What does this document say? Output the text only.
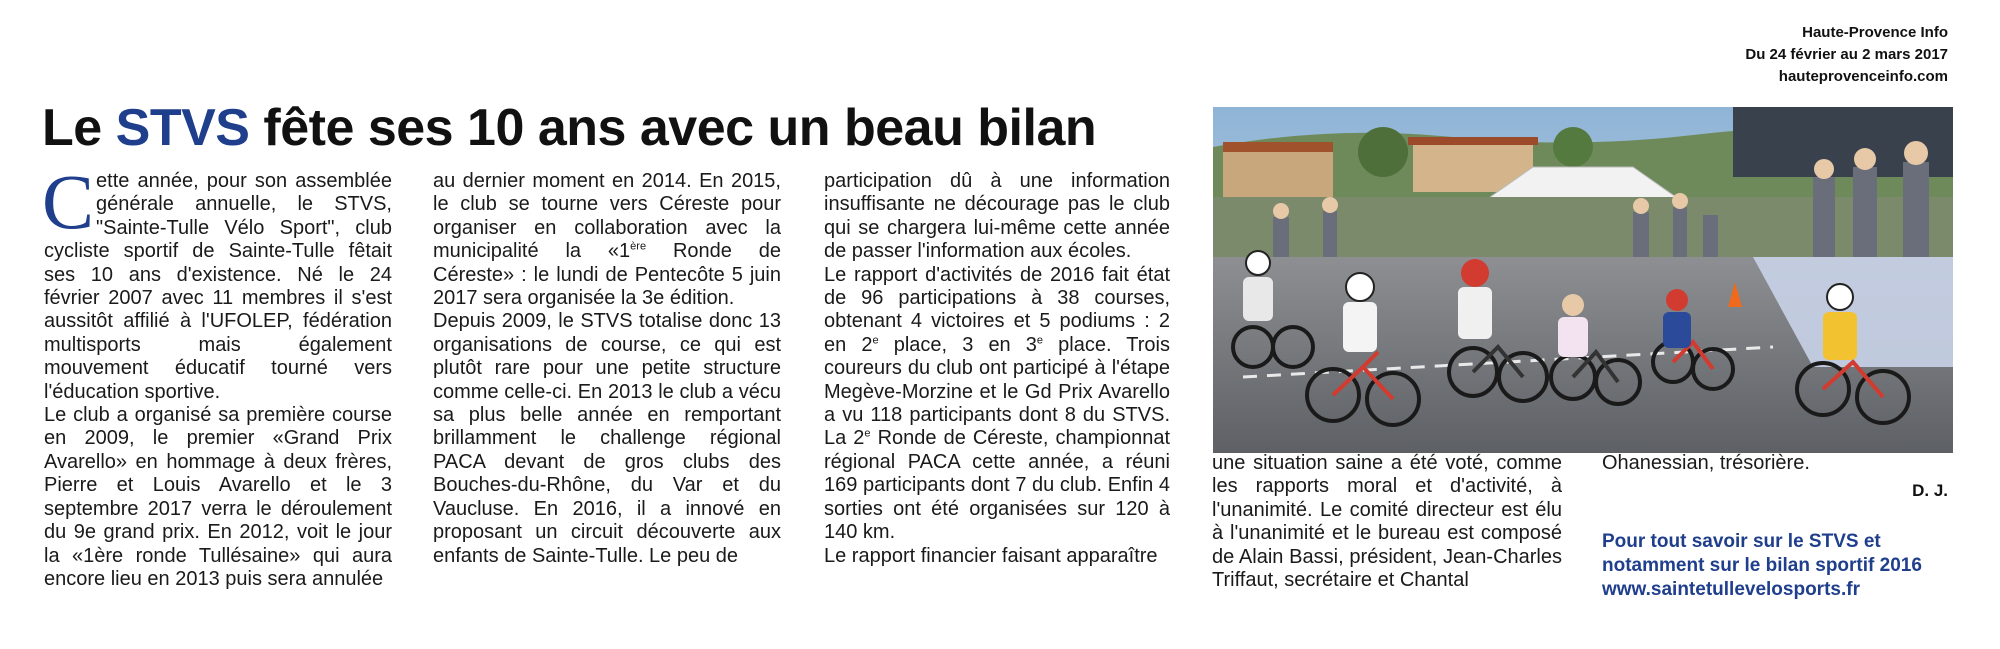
Haute-Provence Info
Du 24 février au 2 mars 2017
hauteprovenceinfo.com
Le STVS fête ses 10 ans avec un beau bilan

Cette année, pour son assemblée générale annuelle, le STVS, "Sainte-Tulle Vélo Sport", club cycliste sportif de Sainte-Tulle fêtait ses 10 ans d'existence. Né le 24 février 2007 avec 11 membres il s'est aussitôt affilié à l'UFOLEP, fédération multisports mais également mouvement éducatif tourné vers l'éducation sportive.

Le club a organisé sa première course en 2009, le premier «Grand Prix Avarello» en hommage à deux frères, Pierre et Louis Avarello et le 3 septembre 2017 verra le déroulement du 9e grand prix. En 2012, voit le jour la «1ère ronde Tullésaine» qui aura encore lieu en 2013 puis sera annulée

au dernier moment en 2014. En 2015, le club se tourne vers Céreste pour organiser en collaboration avec la municipalité la «1ère Ronde de Céreste» : le lundi de Pentecôte 5 juin 2017 sera organisée la 3e édition.

Depuis 2009, le STVS totalise donc 13 organisations de course, ce qui est plutôt rare pour une petite structure comme celle-ci. En 2013 le club a vécu sa plus belle année en remportant brillamment le challenge régional PACA devant de gros clubs des Bouches-du-Rhône, du Var et du Vaucluse. En 2016, il a innové en proposant un circuit découverte aux enfants de Sainte-Tulle. Le peu de

participation dû à une information insuffisante ne décourage pas le club qui se chargera lui-même cette année de passer l'information aux écoles.

Le rapport d'activités de 2016 fait état de 96 participations à 38 courses, obtenant 4 victoires et 5 podiums : 2 en 2e place, 3 en 3e place. Trois coureurs du club ont participé à l'étape Megève-Morzine et le Gd Prix Avarello a vu 118 participants dont 8 du STVS. La 2e Ronde de Céreste, championnat régional PACA cette année, a réuni 169 participants dont 7 du club. Enfin 4 sorties ont été organisées sur 120 à 140 km.

Le rapport financier faisant apparaître

une situation saine a été voté, comme les rapports moral et d'activité, à l'unanimité. Le comité directeur est élu à l'unanimité et le bureau est composé de Alain Bassi, président, Jean-Charles Triffaut, secrétaire et Chantal

Ohanessian, trésorière.

D. J.
Pour tout savoir sur le STVS et notamment sur le bilan sportif 2016
www.saintetullevelosports.fr
